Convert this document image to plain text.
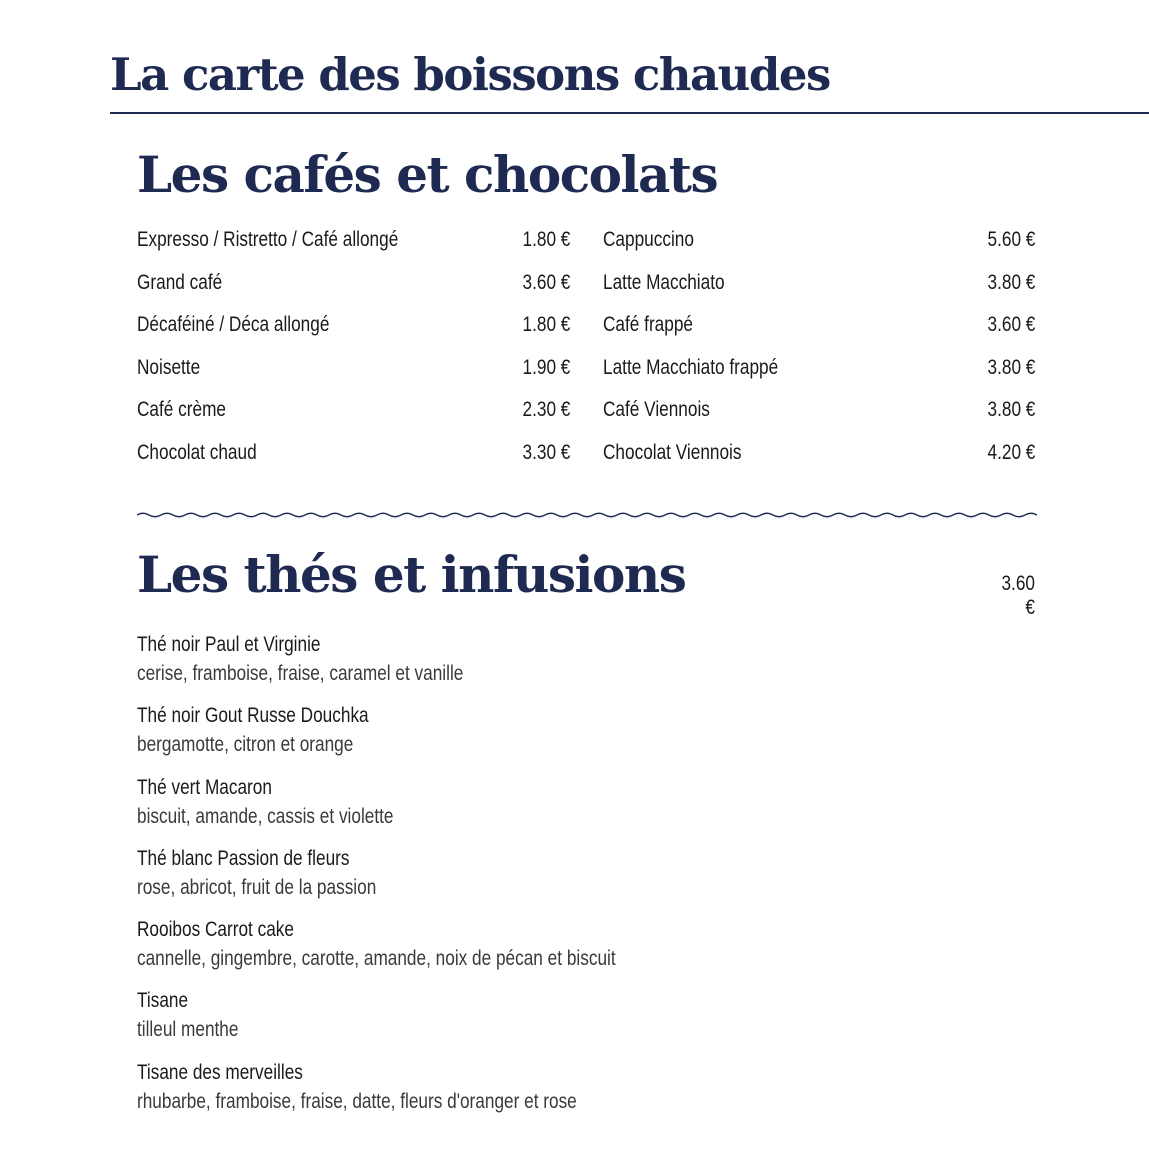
La carte des boissons chaudes
Les cafés et chocolats
Expresso / Ristretto / Café allongé	1.80 €
Grand café	3.60 €
Décaféiné / Déca allongé	1.80 €
Noisette	1.90 €
Café crème	2.30 €
Chocolat chaud	3.30 €
Cappuccino	5.60 €
Latte Macchiato	3.80 €
Café frappé	3.60 €
Latte Macchiato frappé	3.80 €
Café Viennois	3.80 €
Chocolat Viennois	4.20 €
Les thés et infusions	3.60 €
Thé noir Paul et Virginie
cerise, framboise, fraise, caramel et vanille
Thé noir Gout Russe Douchka
bergamotte, citron et orange
Thé vert Macaron
biscuit, amande, cassis et violette
Thé blanc Passion de fleurs
rose, abricot, fruit de la passion
Rooibos Carrot cake
cannelle, gingembre, carotte, amande, noix de pécan et biscuit
Tisane
tilleul menthe
Tisane des merveilles
rhubarbe, framboise, fraise, datte, fleurs d'oranger et rose
